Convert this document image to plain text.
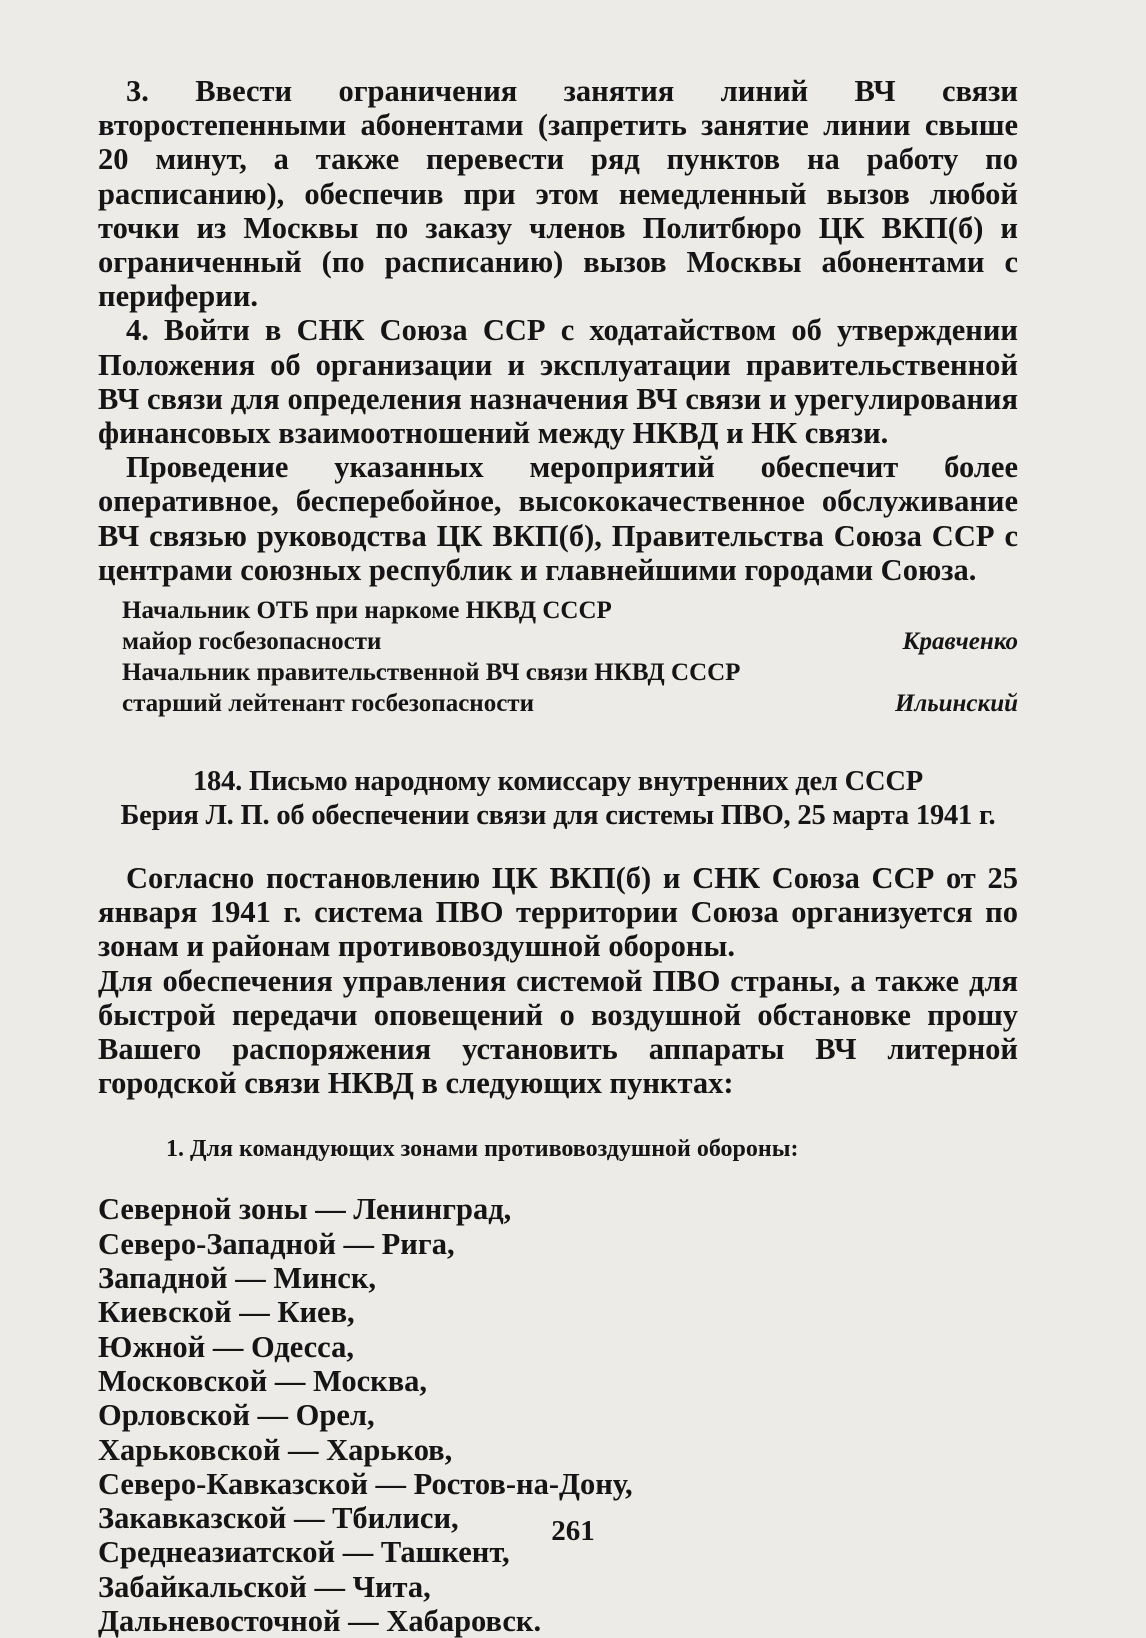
3. Ввести ограничения занятия линий ВЧ связи второстепенными абонентами (запретить занятие линии свыше 20 минут, а также перевести ряд пунктов на работу по расписанию), обеспечив при этом немедленный вызов любой точки из Москвы по заказу членов Политбюро ЦК ВКП(б) и ограниченный (по расписанию) вызов Москвы абонентами с периферии.

4. Войти в СНК Союза ССР с ходатайством об утверждении Положения об организации и эксплуатации правительственной ВЧ связи для определения назначения ВЧ связи и урегулирования финансовых взаимоотношений между НКВД и НК связи.

Проведение указанных мероприятий обеспечит более оперативное, бесперебойное, высококачественное обслуживание ВЧ связью руководства ЦК ВКП(б), Правительства Союза ССР с центрами союзных республик и главнейшими городами Союза.

Начальник ОТБ при наркоме НКВД СССР
майор госбезопасности	Кравченко
Начальник правительственной ВЧ связи НКВД СССР
старший лейтенант госбезопасности	Ильинский
184. Письмо народному комиссару внутренних дел СССР
Берия Л. П. об обеспечении связи для системы ПВО, 25 марта 1941 г.

Согласно постановлению ЦК ВКП(б) и СНК Союза ССР от 25 января 1941 г. система ПВО территории Союза организуется по зонам и районам противовоздушной обороны.

Для обеспечения управления системой ПВО страны, а также для быстрой передачи оповещений о воздушной обстановке прошу Вашего распоряжения установить аппараты ВЧ литерной городской связи НКВД в следующих пунктах:

1. Для командующих зонами противовоздушной обороны:
Северной зоны — Ленинград,
Северо-Западной — Рига,
Западной — Минск,
Киевской — Киев,
Южной — Одесса,
Московской — Москва,
Орловской — Орел,
Харьковской — Харьков,
Северо-Кавказской — Ростов-на-Дону,
Закавказской — Тбилиси,
Среднеазиатской — Ташкент,
Забайкальской — Чита,
Дальневосточной — Хабаровск.
261
